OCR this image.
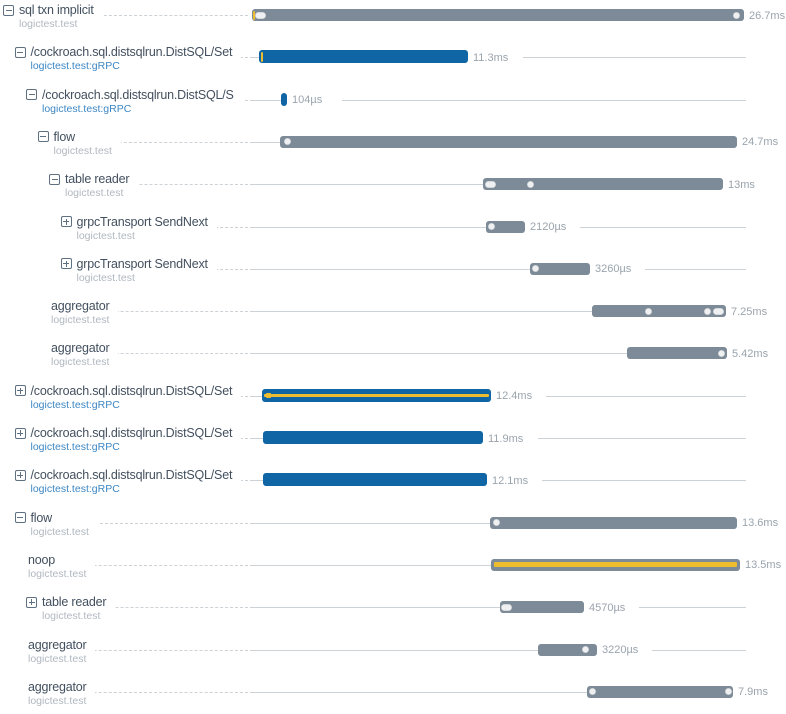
sql txn implicit
logictest.test
26.7ms
/cockroach.sql.distsqlrun.DistSQL/Set
logictest.test:gRPC
11.3ms
/cockroach.sql.distsqlrun.DistSQL/S
logictest.test:gRPC
104µs
flow
logictest.test
24.7ms
table reader
logictest.test
13ms
grpcTransport SendNext
logictest.test
2120µs
grpcTransport SendNext
logictest.test
3260µs
aggregator
logictest.test
7.25ms
aggregator
logictest.test
5.42ms
/cockroach.sql.distsqlrun.DistSQL/Set
logictest.test:gRPC
12.4ms
/cockroach.sql.distsqlrun.DistSQL/Set
logictest.test:gRPC
11.9ms
/cockroach.sql.distsqlrun.DistSQL/Set
logictest.test:gRPC
12.1ms
flow
logictest.test
13.6ms
noop
logictest.test
13.5ms
table reader
logictest.test
4570µs
aggregator
logictest.test
3220µs
aggregator
logictest.test
7.9ms
